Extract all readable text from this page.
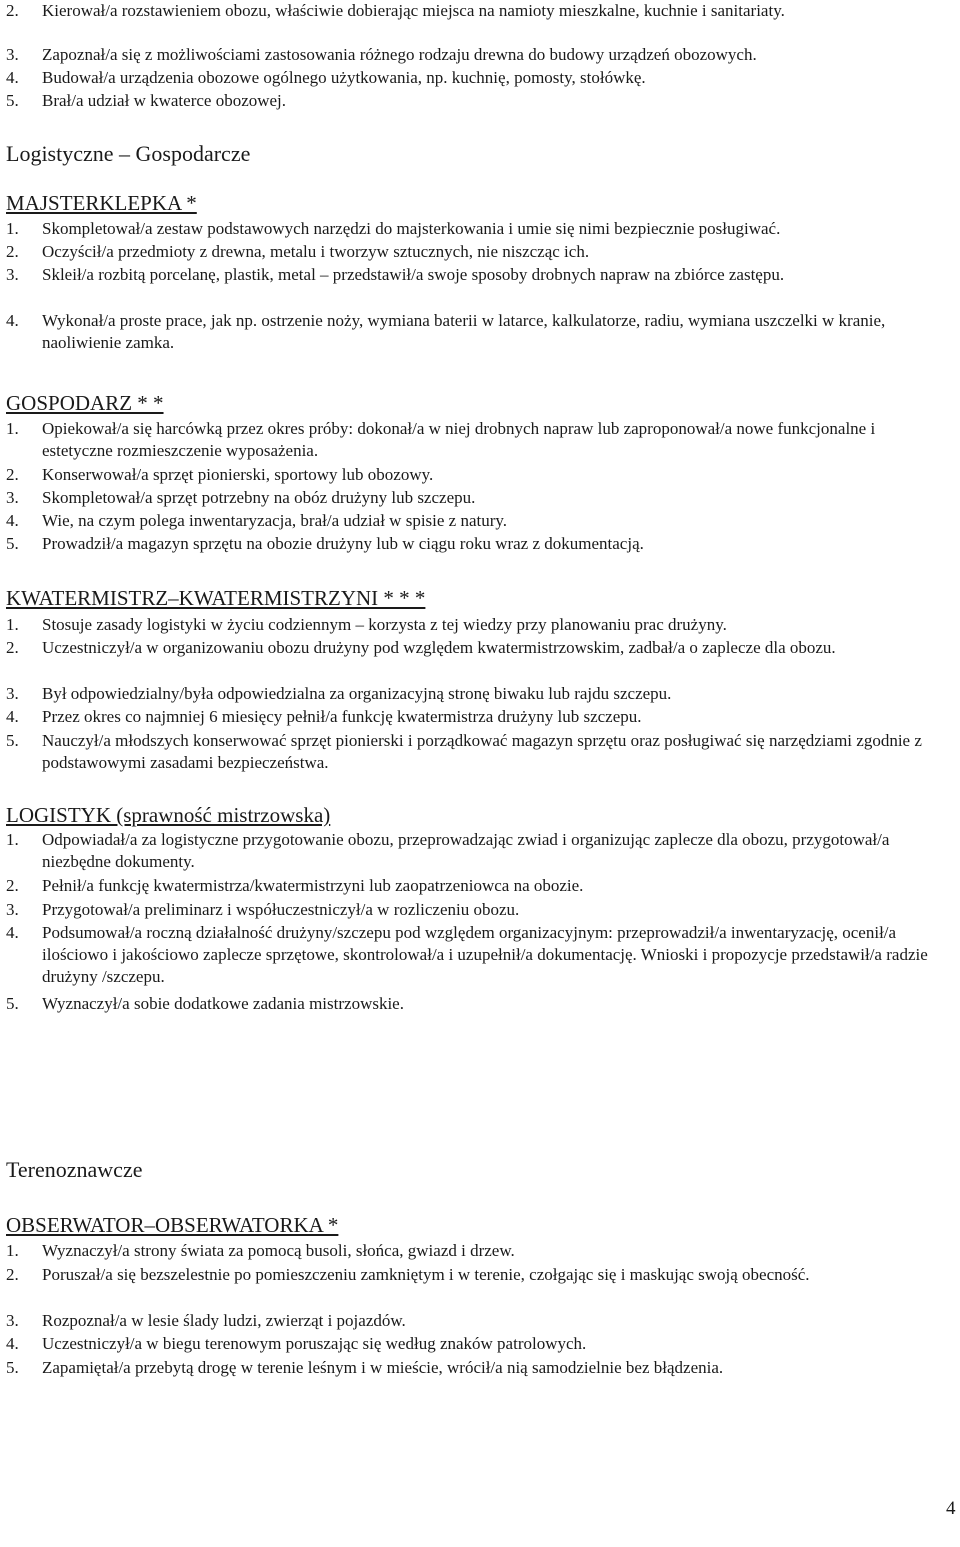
2. Kierował/a rozstawieniem obozu, właściwie dobierając miejsca na namioty mieszkalne, kuchnie i sanitariaty.
3. Zapoznał/a się z możliwościami zastosowania różnego rodzaju drewna do budowy urządzeń obozowych.
4. Budował/a urządzenia obozowe ogólnego użytkowania, np. kuchnię, pomosty, stołówkę.
5. Brał/a udział w kwaterce obozowej.
Logistyczne – Gospodarcze
MAJSTERKLEPKA *
1. Skompletował/a zestaw podstawowych narzędzi do majsterkowania i umie się nimi bezpiecznie posługiwać.
2. Oczyścił/a przedmioty z drewna, metalu i tworzyw sztucznych, nie niszcząc ich.
3. Skleił/a rozbitą porcelanę, plastik, metal – przedstawił/a swoje sposoby drobnych napraw na zbiórce zastępu.
4. Wykonał/a proste prace, jak np. ostrzenie noży, wymiana baterii w latarce, kalkulatorze, radiu, wymiana uszczelki w kranie, naoliwienie zamka.
GOSPODARZ * *
1. Opiekował/a się harcówką przez okres próby: dokonał/a w niej drobnych napraw lub zaproponował/a nowe funkcjonalne i estetyczne rozmieszczenie wyposażenia.
2. Konserwował/a sprzęt pionierski, sportowy lub obozowy.
3. Skompletował/a sprzęt potrzebny na obóz drużyny lub szczepu.
4. Wie, na czym polega inwentaryzacja, brał/a udział w spisie z natury.
5. Prowadził/a magazyn sprzętu na obozie drużyny lub w ciągu roku wraz z dokumentacją.
KWATERMISTRZ–KWATERMISTRZYNI * * *
1. Stosuje zasady logistyki w życiu codziennym – korzysta z tej wiedzy przy planowaniu prac drużyny.
2. Uczestniczył/a w organizowaniu obozu drużyny pod względem kwatermistrzowskim, zadbał/a o zaplecze dla obozu.
3. Był odpowiedzialny/była odpowiedzialna za organizacyjną stronę biwaku lub rajdu szczepu.
4. Przez okres co najmniej 6 miesięcy pełnił/a funkcję kwatermistrza drużyny lub szczepu.
5. Nauczył/a młodszych konserwować sprzęt pionierski i porządkować magazyn sprzętu oraz posługiwać się narzędziami zgodnie z podstawowymi zasadami bezpieczeństwa.
LOGISTYK (sprawność mistrzowska)
1. Odpowiadał/a za logistyczne przygotowanie obozu, przeprowadzając zwiad i organizując zaplecze dla obozu, przygotował/a niezbędne dokumenty.
2. Pełnił/a funkcję kwatermistrza/kwatermistrzyni lub zaopatrzeniowca na obozie.
3. Przygotował/a preliminarz i współuczestniczył/a w rozliczeniu obozu.
4. Podsumował/a roczną działalność drużyny/szczepu pod względem organizacyjnym: przeprowadził/a inwentaryzację, ocenił/a ilościowo i jakościowo zaplecze sprzętowe, skontrolował/a i uzupełnił/a dokumentację. Wnioski i propozycje przedstawił/a radzie drużyny /szczepu.
5. Wyznaczył/a sobie dodatkowe zadania mistrzowskie.
Terenoznawcze
OBSERWATOR–OBSERWATORKA *
1. Wyznaczył/a strony świata za pomocą busoli, słońca, gwiazd i drzew.
2. Poruszał/a się bezszelestnie po pomieszczeniu zamkniętym i w terenie, czołgając się i maskując swoją obecność.
3. Rozpoznał/a w lesie ślady ludzi, zwierząt i pojazdów.
4. Uczestniczył/a w biegu terenowym poruszając się według znaków patrolowych.
5. Zapamiętał/a przebytą drogę w terenie leśnym i w mieście, wrócił/a nią samodzielnie bez błądzenia.
4
